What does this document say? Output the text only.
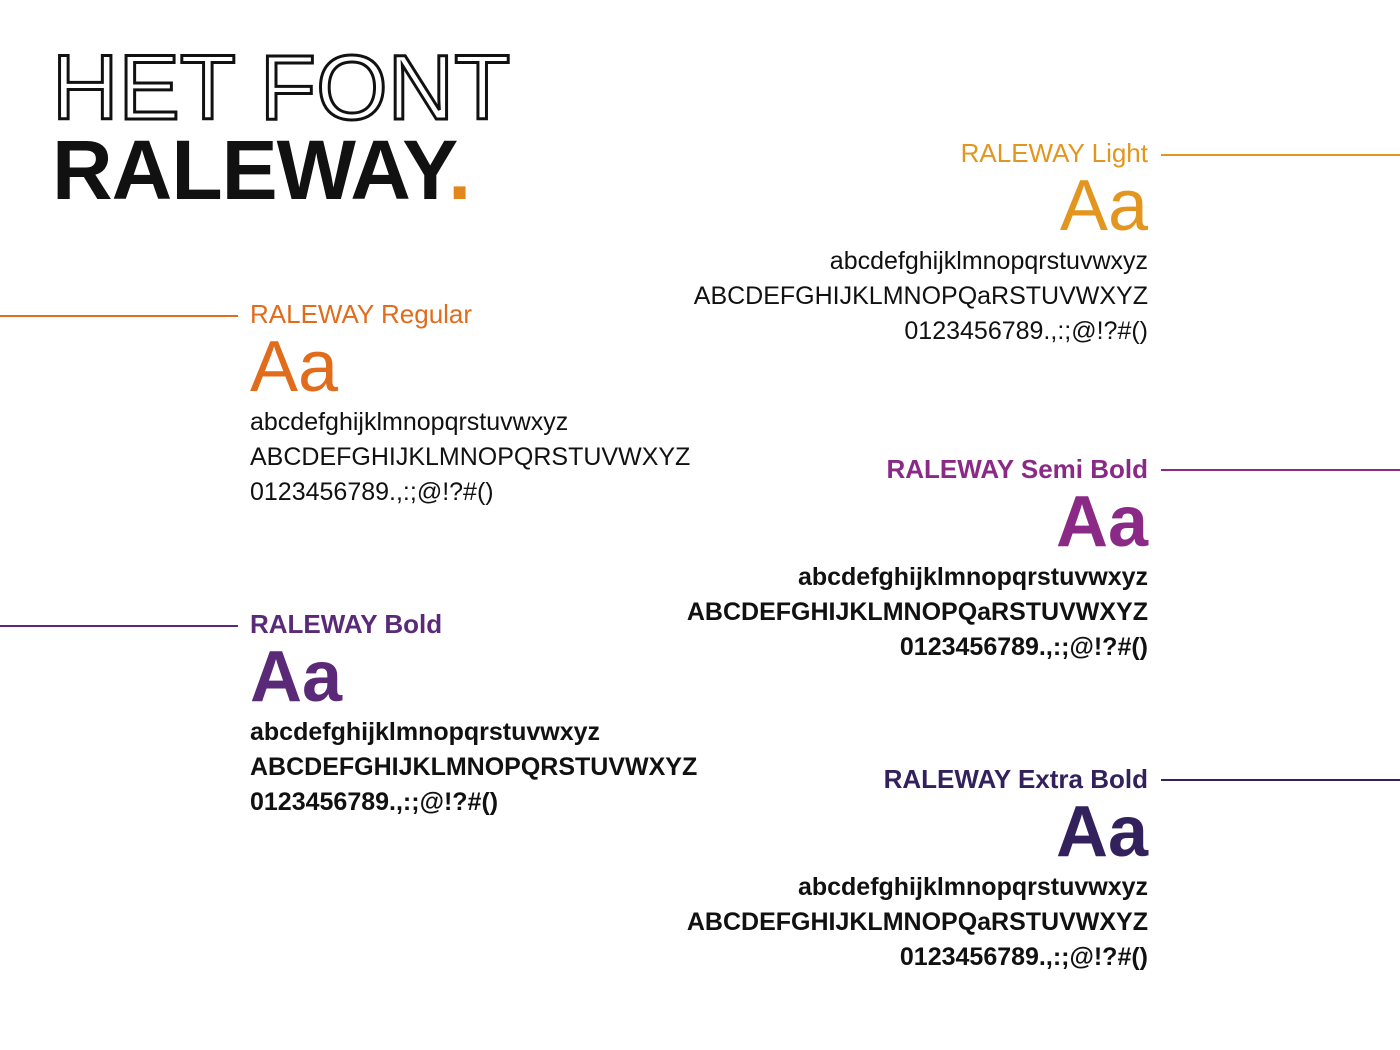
HET FONT
RALEWAY.	RALEWAY Light

Aa

abcdefghijklmnopqrstuvwxyz

ABCDEFGHIJKLMNOPQaRSTUVWXYZ

0123456789.,:;@!?#()

RALEWAY Regular

Aa

abcdefghijklmnopqrstuvwxyz

ABCDEFGHIJKLMNOPQRSTUVWXYZ

0123456789.,:;@!?#()

RALEWAY Semi Bold

Aa

abcdefghijklmnopqrstuvwxyz

ABCDEFGHIJKLMNOPQaRSTUVWXYZ

0123456789.,:;@!?#()

RALEWAY Bold

Aa

abcdefghijklmnopqrstuvwxyz

ABCDEFGHIJKLMNOPQRSTUVWXYZ

0123456789.,:;@!?#()

RALEWAY Extra Bold

Aa

abcdefghijklmnopqrstuvwxyz

ABCDEFGHIJKLMNOPQaRSTUVWXYZ

0123456789.,:;@!?#()
